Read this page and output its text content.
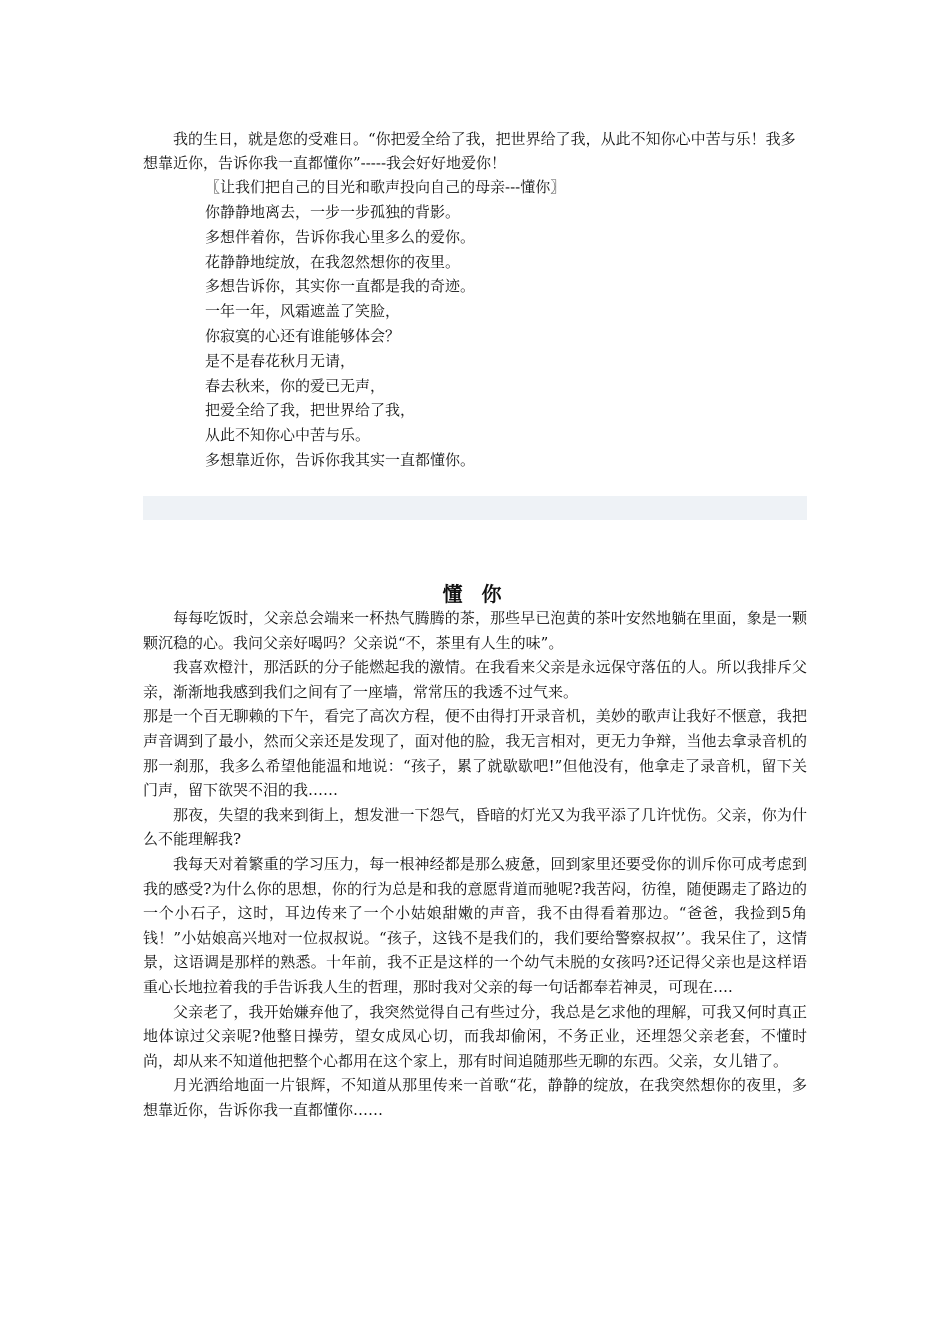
我的生日，就是您的受难日。“你把爱全给了我，把世界给了我，从此不知你心中苦与乐！我多想靠近你，告诉你我一直都懂你”-----我会好好地爱你！

〖让我们把自己的目光和歌声投向自己的母亲---懂你〗

你静静地离去，一步一步孤独的背影。

多想伴着你，告诉你我心里多么的爱你。

花静静地绽放，在我忽然想你的夜里。

多想告诉你，其实你一直都是我的奇迹。

一年一年，风霜遮盖了笑脸，

你寂寞的心还有谁能够体会？

是不是春花秋月无请，

春去秋来，你的爱已无声，

把爱全给了我，把世界给了我，

从此不知你心中苦与乐。

多想靠近你，告诉你我其实一直都懂你。

懂 你

每每吃饭时，父亲总会端来一杯热气腾腾的茶，那些早已泡黄的茶叶安然地躺在里面，象是一颗颗沉稳的心。我问父亲好喝吗？父亲说“不，茶里有人生的味”。

我喜欢橙汁，那活跃的分子能燃起我的激情。在我看来父亲是永远保守落伍的人。所以我排斥父亲，渐渐地我感到我们之间有了一座墙，常常压的我透不过气来。

那是一个百无聊赖的下午，看完了高次方程，便不由得打开录音机，美妙的歌声让我好不惬意，我把声音调到了最小，然而父亲还是发现了，面对他的脸，我无言相对，更无力争辩，当他去拿录音机的那一刹那，我多么希望他能温和地说：“孩子，累了就歇歇吧!”但他没有，他拿走了录音机，留下关门声，留下欲哭不泪的我……

那夜，失望的我来到街上，想发泄一下怨气，昏暗的灯光又为我平添了几许忧伤。父亲，你为什么不能理解我?

我每天对着繁重的学习压力，每一根神经都是那么疲惫，回到家里还要受你的训斥你可成考虑到我的感受?为什么你的思想，你的行为总是和我的意愿背道而驰呢?我苦闷，彷徨，随便踢走了路边的一个小石子，这时，耳边传来了一个小姑娘甜嫩的声音，我不由得看着那边。“爸爸，我捡到5角钱！”小姑娘高兴地对一位叔叔说。“孩子，这钱不是我们的，我们要给警察叔叔’’。我呆住了，这情景，这语调是那样的熟悉。十年前，我不正是这样的一个幼气未脱的女孩吗?还记得父亲也是这样语重心长地拉着我的手告诉我人生的哲理，那时我对父亲的每一句话都奉若神灵，可现在….

父亲老了，我开始嫌弃他了，我突然觉得自己有些过分，我总是乞求他的理解，可我又何时真正地体谅过父亲呢?他整日操劳，望女成凤心切，而我却偷闲，不务正业，还埋怨父亲老套，不懂时尚，却从来不知道他把整个心都用在这个家上，那有时间追随那些无聊的东西。父亲，女儿错了。

月光洒给地面一片银辉，不知道从那里传来一首歌“花，静静的绽放，在我突然想你的夜里，多想靠近你，告诉你我一直都懂你……
